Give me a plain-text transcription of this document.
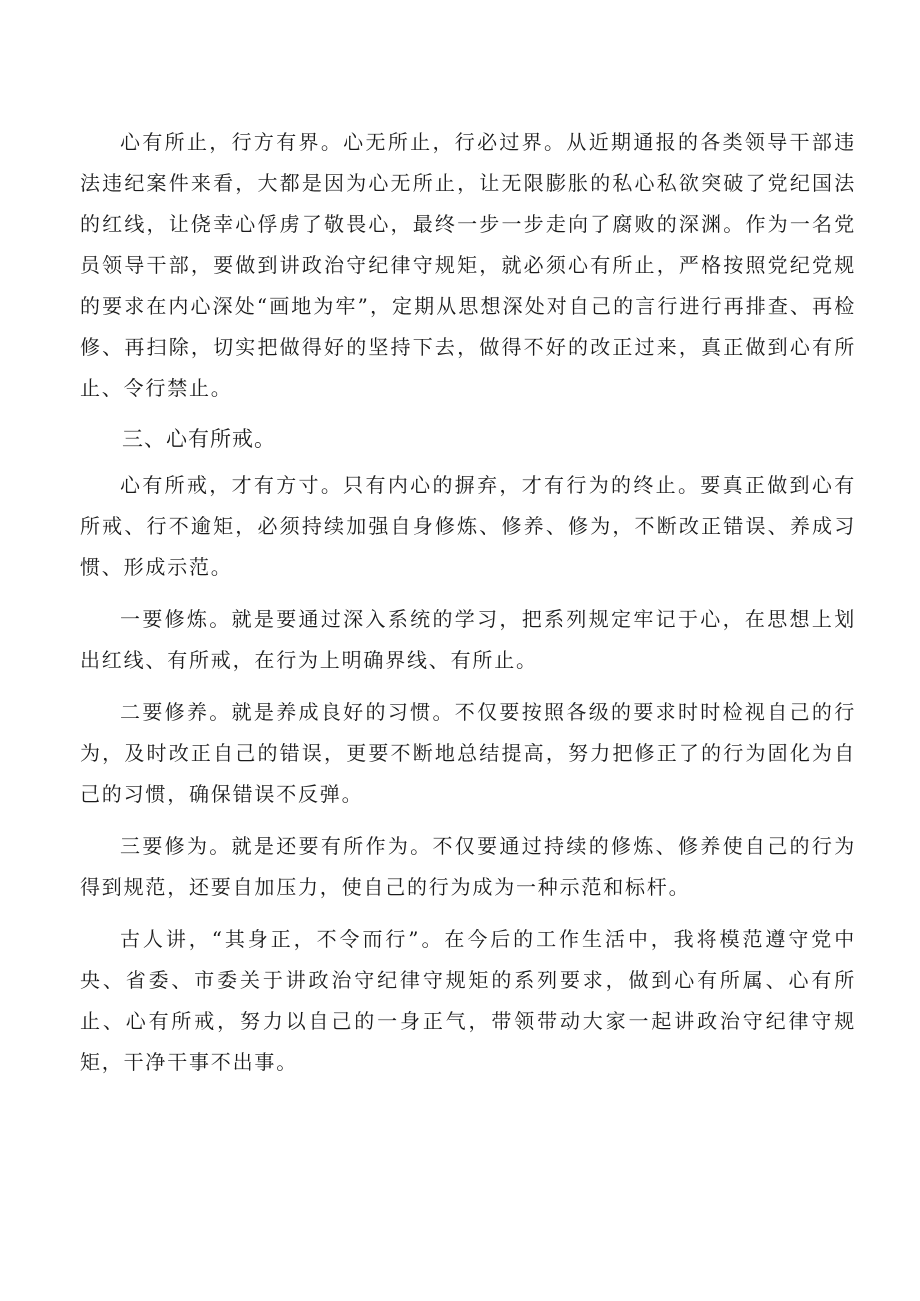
心有所止，行方有界。心无所止，行必过界。从近期通报的各类领导干部违法违纪案件来看，大都是因为心无所止，让无限膨胀的私心私欲突破了党纪国法的红线，让侥幸心俘虏了敬畏心，最终一步一步走向了腐败的深渊。作为一名党员领导干部，要做到讲政治守纪律守规矩，就必须心有所止，严格按照党纪党规的要求在内心深处“画地为牢”，定期从思想深处对自己的言行进行再排查、再检修、再扫除，切实把做得好的坚持下去，做得不好的改正过来，真正做到心有所止、令行禁止。

三、心有所戒。

心有所戒，才有方寸。只有内心的摒弃，才有行为的终止。要真正做到心有所戒、行不逾矩，必须持续加强自身修炼、修养、修为，不断改正错误、养成习惯、形成示范。

一要修炼。就是要通过深入系统的学习，把系列规定牢记于心，在思想上划出红线、有所戒，在行为上明确界线、有所止。

二要修养。就是养成良好的习惯。不仅要按照各级的要求时时检视自己的行为，及时改正自己的错误，更要不断地总结提高，努力把修正了的行为固化为自己的习惯，确保错误不反弹。

三要修为。就是还要有所作为。不仅要通过持续的修炼、修养使自己的行为得到规范，还要自加压力，使自己的行为成为一种示范和标杆。

古人讲，“其身正，不令而行”。在今后的工作生活中，我将模范遵守党中央、省委、市委关于讲政治守纪律守规矩的系列要求，做到心有所属、心有所止、心有所戒，努力以自己的一身正气，带领带动大家一起讲政治守纪律守规矩，干净干事不出事。
